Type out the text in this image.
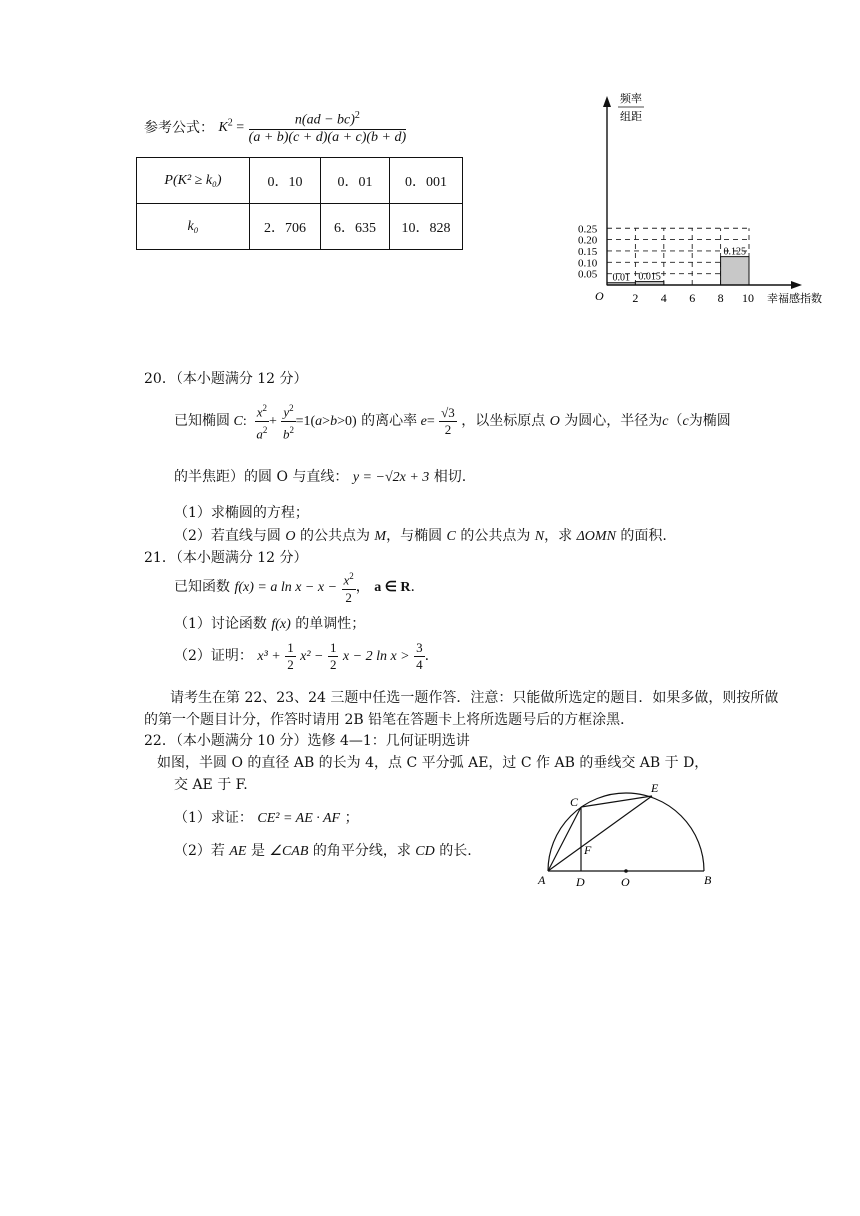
参考公式： $K^2 = \frac{n(ad - bc)^2}{(a + b)(c + d)(a + c)(b + d)}$
P(K² ≥ k₀)	0．10	0．01	0．001
k₀	2．706	6．635	10．828
0.01 0.015
0.125
频率
组距
O	幸福感指数
0.05
0.10
0.15
0.20
0.25
2 4 6 8 10
20．（本小题满分 12 分）
已知椭圆 C: $\frac{x^2}{a^2} + \frac{y^2}{b^2} =1(a>b>0)$ 的离心率 $e= \frac{√3}{2}$ ，以坐标原点 O 为圆心，半径为c（c为椭圆
的半焦距）的圆 O 与直线： y = −√2x + 3 相切.
（1）求椭圆的方程；
（2）若直线与圆 O 的公共点为 M，与椭圆 C 的公共点为 N，求 ΔOMN 的面积.
21．（本小题满分 12 分）
已知函数 f(x) = a $\ln x - x - \frac{x^2}{2}$ ， a ∈ R.
（1）讨论函数 f(x) 的单调性；
（2）证明： $x^3 + \frac{1}{2} x^2 - \frac{1}{2}$ x − 2 $\ln x > \frac{3}{4}$ .
请考生在第 22、23、24 三题中任选一题作答．注意：只能做所选定的题目．如果多做，则按所做
的第一个题目计分，作答时请用 2B 铅笔在答题卡上将所选题号后的方框涂黑．
22．（本小题满分 10 分）选修 4—1：几何证明选讲
如图，半圆 O 的直径 AB 的长为 4，点 C 平分弧 AE，过 C 作 AB 的垂线交 AB 于 D，
交 AE 于 F.
（1）求证： CE² = AE · AF ；
（2）若 AE 是 ∠CAB 的角平分线，求 CD 的长.
A	D	O	B
C
E
F
